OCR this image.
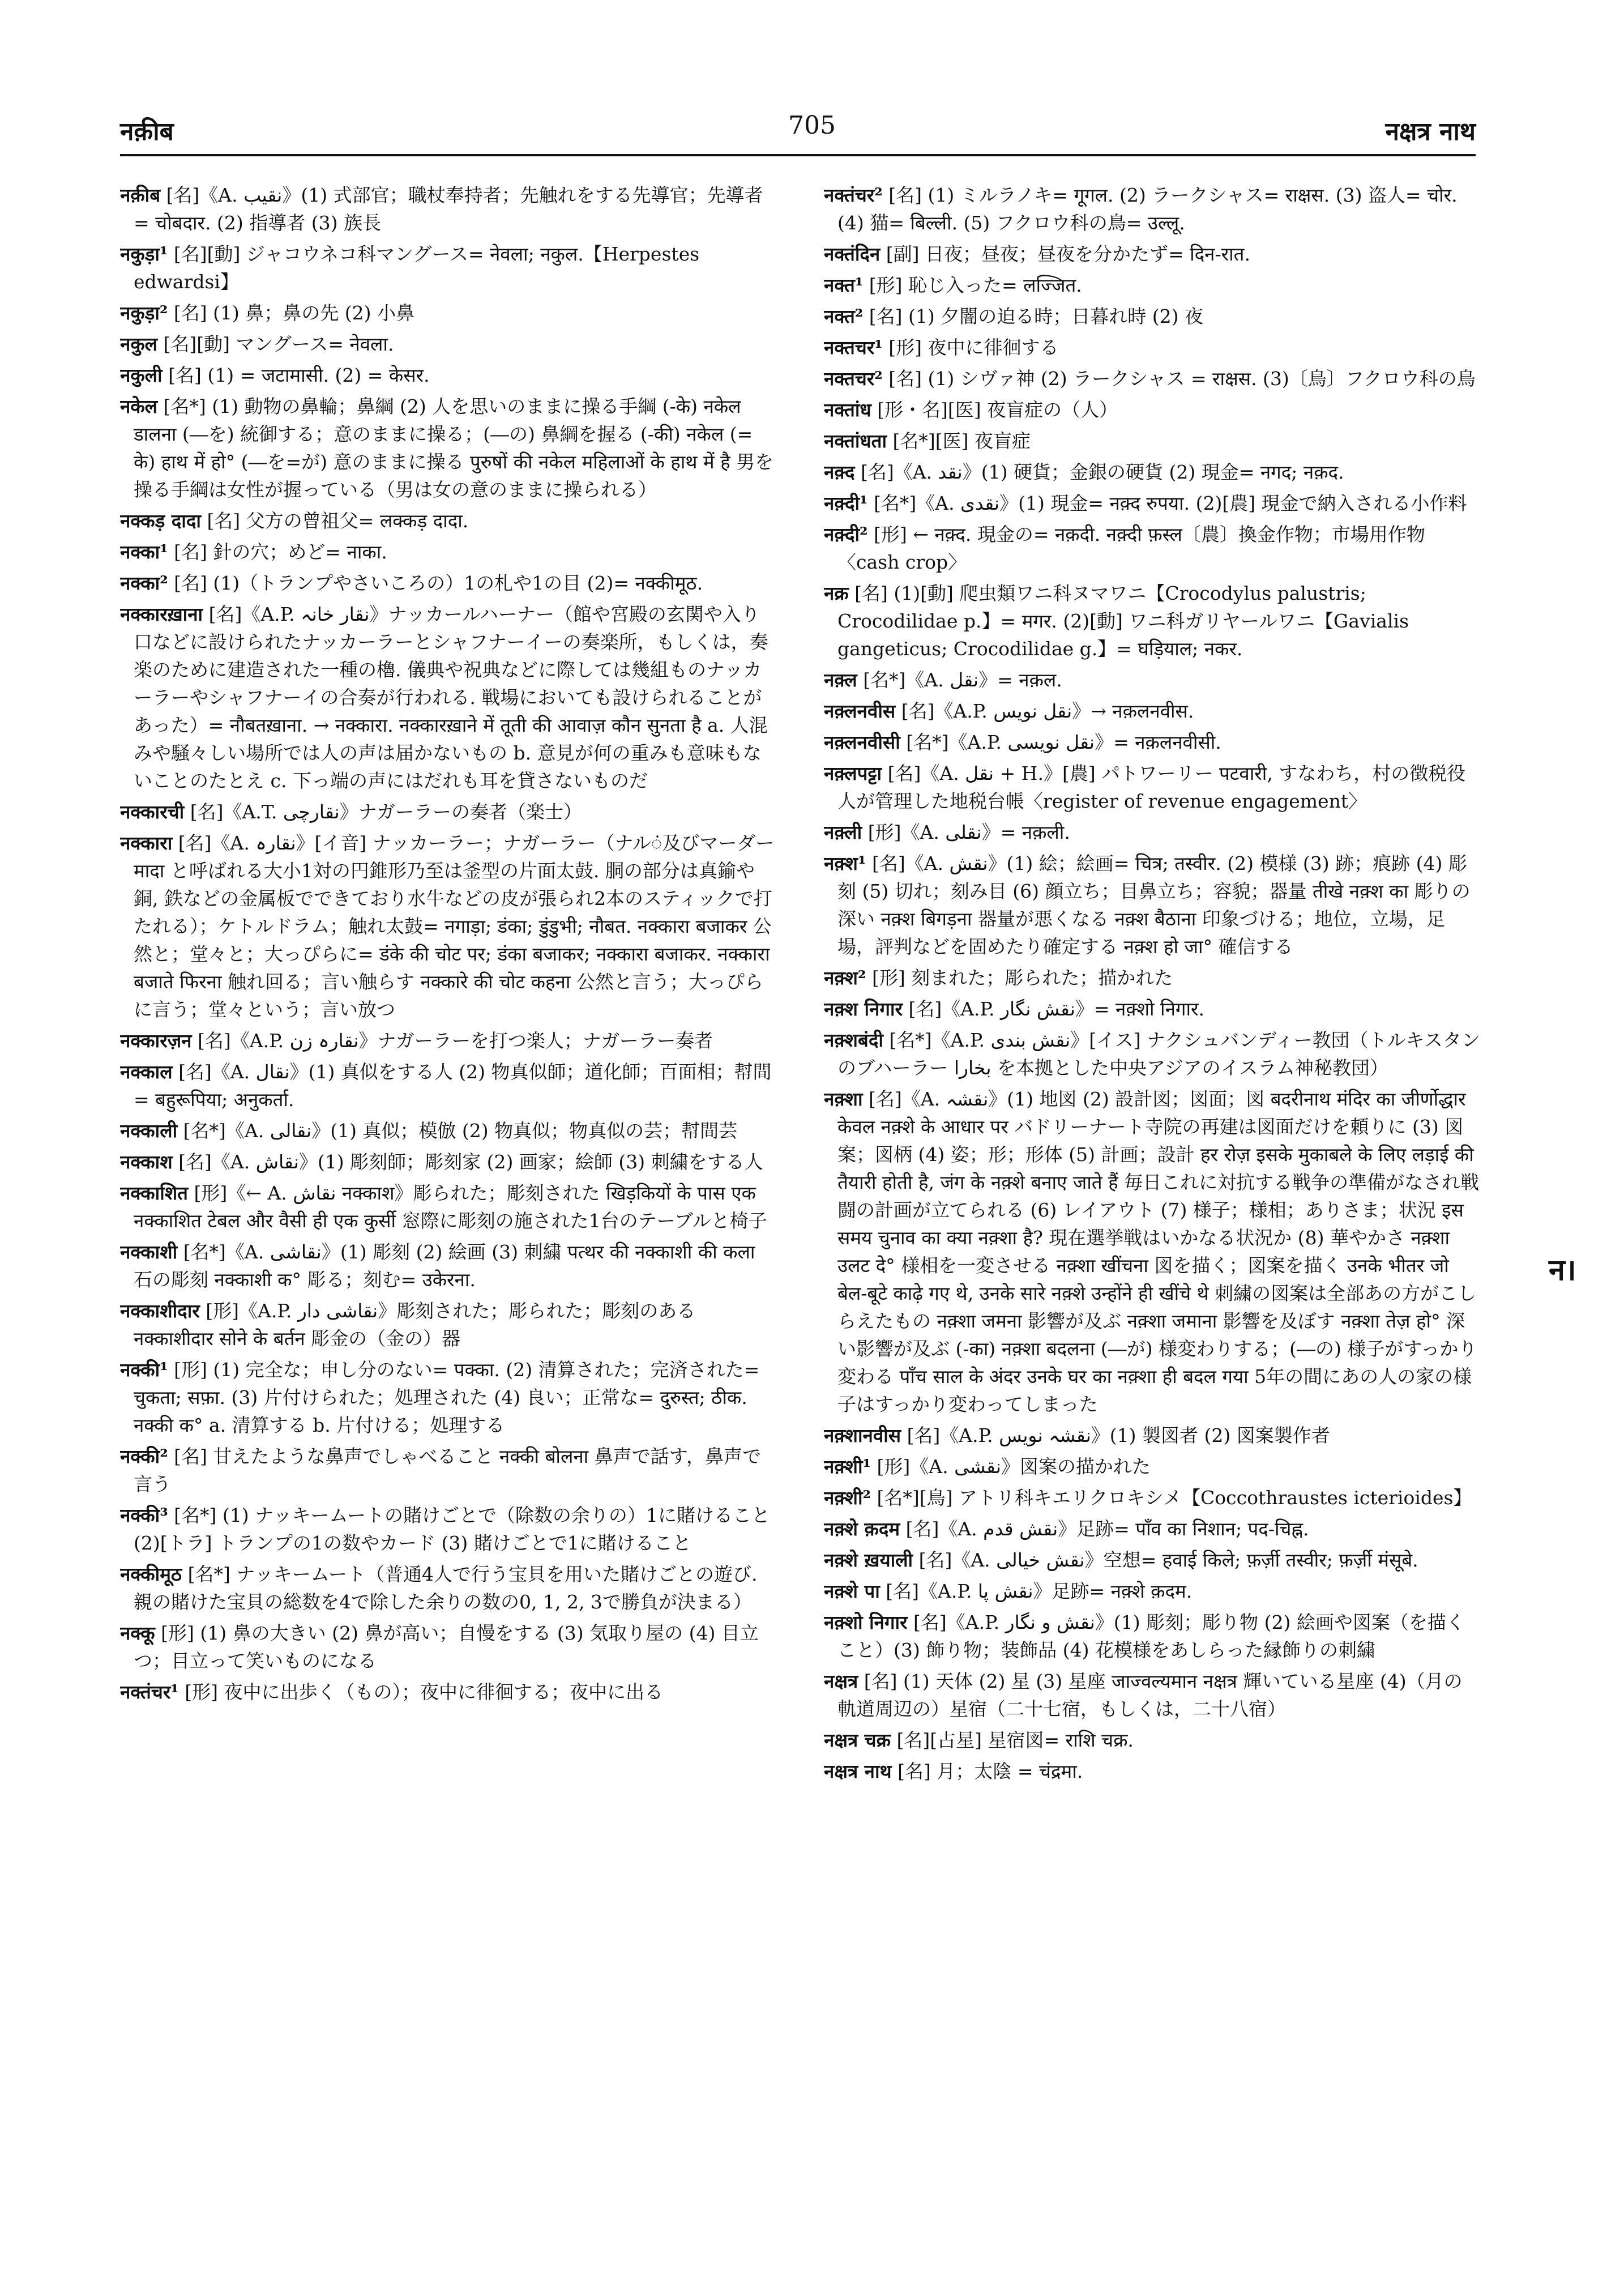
नक़ीब	705	नक्षत्र नाथ

नक़ीब [名]《A. نقیب》(1) 式部官；職杖奉持者；先触れをする先導官；先導者= चोबदार. (2) 指導者 (3) 族長

नकुड़ा¹ [名][動] ジャコウネコ科マングース= नेवला; नकुल.【Herpestes edwardsi】

नकुड़ा² [名] (1) 鼻；鼻の先 (2) 小鼻

नकुल [名][動] マングース= नेवला.

नकुली [名] (1) = जटामासी. (2) = केसर.

नकेल [名*] (1) 動物の鼻輪；鼻綱 (2) 人を思いのままに操る手綱 (-के) नकेल डालना (―を) 統御する；意のままに操る；(―の) 鼻綱を握る (-की) नकेल (= के) हाथ में हो° (―を=が) 意のままに操る पुरुषों की नकेल महिलाओं के हाथ में है 男を操る手綱は女性が握っている（男は女の意のままに操られる）

नक्कड़ दादा [名] 父方の曾祖父= लक्कड़ दादा.

नक्का¹ [名] 針の穴；めど= नाका.

नक्का² [名] (1)（トランプやさいころの）1の札や1の目 (2)= नक्कीमूठ.

नक्कारख़ाना [名]《A.P. نقار خانہ》ナッカールハーナー（館や宮殿の玄関や入り口などに設けられたナッカーラーとシャフナーイーの奏楽所，もしくは，奏楽のために建造された一種の櫓. 儀典や祝典などに際しては幾組ものナッカーラーやシャフナーイの合奏が行われる. 戦場においても設けられることがあった）= नौबतख़ाना. → नक्कारा. नक्कारख़ाने में तूती की आवाज़ कौन सुनता है a. 人混みや騒々しい場所では人の声は届かないもの b. 意見が何の重みも意味もないことのたとえ c. 下っ端の声にはだれも耳を貸さないものだ

नक्कारची [名]《A.T. نقارچی》ナガーラーの奏者（楽士）

नक्कारा [名]《A. نقارہ》[イ音] ナッカーラー；ナガーラー（ナルं及びマーダー मादा と呼ばれる大小1対の円錐形乃至は釜型の片面太鼓. 胴の部分は真鍮や銅, 鉄などの金属板でできており水牛などの皮が張られ2本のスティックで打たれる）；ケトルドラム；触れ太鼓= नगाड़ा; डंका; डुंडुभी; नौबत. नक्कारा बजाकर 公然と；堂々と；大っぴらに= डंके की चोट पर; डंका बजाकर; नक्कारा बजाकर. नक्कारा बजाते फिरना 触れ回る；言い触らす नक्कारे की चोट कहना 公然と言う；大っぴらに言う；堂々という；言い放つ

नक्कारज़न [名]《A.P. نقارہ زن》ナガーラーを打つ楽人；ナガーラー奏者

नक्काल [名]《A. نقال》(1) 真似をする人 (2) 物真似師；道化師；百面相；幇間= बहुरूपिया; अनुकर्ता.

नक्काली [名*]《A. نقالی》(1) 真似；模倣 (2) 物真似；物真似の芸；幇間芸

नक्काश [名]《A. نقاش》(1) 彫刻師；彫刻家 (2) 画家；絵師 (3) 刺繍をする人

नक्काशित [形]《← A. نقاش नक्काश》彫られた；彫刻された खिड़कियों के पास एक नक्काशित टेबल और वैसी ही एक कुर्सी 窓際に彫刻の施された1台のテーブルと椅子

नक्काशी [名*]《A. نقاشی》(1) 彫刻 (2) 絵画 (3) 刺繍 पत्थर की नक्काशी की कला 石の彫刻 नक्काशी क° 彫る；刻む= उकेरना.

नक्काशीदार [形]《A.P. نقاشی دار》彫刻された；彫られた；彫刻のある नक्काशीदार सोने के बर्तन 彫金の（金の）器

नक्की¹ [形] (1) 完全な；申し分のない= पक्का. (2) 清算された；完済された= चुकता; सफ़ा. (3) 片付けられた；処理された (4) 良い；正常な= दुरुस्त; ठीक. नक्की क° a. 清算する b. 片付ける；処理する

नक्की² [名] 甘えたような鼻声でしゃべること नक्की बोलना 鼻声で話す，鼻声で言う

नक्की³ [名*] (1) ナッキームートの賭けごとで（除数の余りの）1に賭けること (2)[トラ] トランプの1の数やカード (3) 賭けごとで1に賭けること

नक्कीमूठ [名*] ナッキームート（普通4人で行う宝貝を用いた賭けごとの遊び. 親の賭けた宝貝の総数を4で除した余りの数の0, 1, 2, 3で勝負が決まる）

नक्कू [形] (1) 鼻の大きい (2) 鼻が高い；自慢をする (3) 気取り屋の (4) 目立つ；目立って笑いものになる

नक्तंचर¹ [形] 夜中に出歩く（もの）；夜中に徘徊する；夜中に出る

नक्तंचर² [名] (1) ミルラノキ= गूगल. (2) ラークシャス= राक्षस. (3) 盗人= चोर. (4) 猫= बिल्ली. (5) フクロウ科の鳥= उल्लू.

नक्तंदिन [副] 日夜；昼夜；昼夜を分かたず= दिन-रात.

नक्त¹ [形] 恥じ入った= लज्जित.

नक्त² [名] (1) 夕闇の迫る時；日暮れ時 (2) 夜

नक्तचर¹ [形] 夜中に徘徊する

नक्तचर² [名] (1) シヴァ神 (2) ラークシャス = राक्षस. (3)〔鳥〕フクロウ科の鳥

नक्तांध [形・名][医] 夜盲症の（人）

नक्तांधता [名*][医] 夜盲症

नक़्द [名]《A. نقد》(1) 硬貨；金銀の硬貨 (2) 現金= नगद; नक़द.

नक़्दी¹ [名*]《A. نقدی》(1) 現金= नक़्द रुपया. (2)[農] 現金で納入される小作料

नक़्दी² [形] ← नक़्द. 現金の= नक़दी. नक़्दी फ़स्ल〔農〕換金作物；市場用作物〈cash crop〉

नक्र [名] (1)[動] 爬虫類ワニ科ヌマワニ【Crocodylus palustris; Crocodilidae p.】= मगर. (2)[動] ワニ科ガリヤールワニ【Gavialis gangeticus; Crocodilidae g.】= घड़ियाल; नकर.

नक़्ल [名*]《A. نقل》= नक़ल.

नक़्लनवीस [名]《A.P. نقل نویس》→ नक़लनवीस.

नक़्लनवीसी [名*]《A.P. نقل نویسی》= नक़लनवीसी.

नक़्लपट्टा [名]《A. نقل + H.》[農] パトワーリー पटवारी, すなわち，村の徴税役人が管理した地税台帳〈register of revenue engagement〉

नक़्ली [形]《A. نقلی》= नक़ली.

नक़्श¹ [名]《A. نقش》(1) 絵；絵画= चित्र; तस्वीर. (2) 模様 (3) 跡；痕跡 (4) 彫刻 (5) 切れ；刻み目 (6) 顔立ち；目鼻立ち；容貌；器量 तीखे नक़्श का 彫りの深い नक़्श बिगड़ना 器量が悪くなる नक़्श बैठाना 印象づける；地位，立場，足場，評判などを固めたり確定する नक़्श हो जा° 確信する

नक़्श² [形] 刻まれた；彫られた；描かれた

नक़्श निगार [名]《A.P. نقش نگار》= नक़्शो निगार.

नक़्शबंदी [名*]《A.P. نقش بندی》[イス] ナクシュバンディー教団（トルキスタンのブハーラー بخارا を本拠とした中央アジアのイスラム神秘教団）

नक़्शा [名]《A. نقشہ》(1) 地図 (2) 設計図；図面；図 बदरीनाथ मंदिर का जीर्णोद्धार केवल नक़्शे के आधार पर バドリーナート寺院の再建は図面だけを頼りに (3) 図案；図柄 (4) 姿；形；形体 (5) 計画；設計 हर रोज़ इसके मुकाबले के लिए लड़ाई की तैयारी होती है, जंग के नक़्शे बनाए जाते हैं 毎日これに対抗する戦争の準備がなされ戦闘の計画が立てられる (6) レイアウト (7) 様子；様相；ありさま；状況 इस समय चुनाव का क्या नक़्शा है? 現在選挙戦はいかなる状況か (8) 華やかさ नक़्शा उलट दे° 様相を一変させる नक़्शा खींचना 図を描く；図案を描く उनके भीतर जो बेल-बूटे काढ़े गए थे, उनके सारे नक़्शे उन्होंने ही खींचे थे 刺繍の図案は全部あの方がこしらえたもの नक़्शा जमना 影響が及ぶ नक़्शा जमाना 影響を及ぼす नक़्शा तेज़ हो° 深い影響が及ぶ (-का) नक़्शा बदलना (―が) 様変わりする；(―の) 様子がすっかり変わる पाँच साल के अंदर उनके घर का नक़्शा ही बदल गया 5年の間にあの人の家の様子はすっかり変わってしまった

नक़्शानवीस [名]《A.P. نقشہ نویس》(1) 製図者 (2) 図案製作者

नक़्शी¹ [形]《A. نقشی》図案の描かれた

नक़्शी² [名*][鳥] アトリ科キエリクロキシメ【Coccothraustes icterioides】

नक़्शे क़दम [名]《A. نقش قدم》足跡= पाँव का निशान; पद-चिह्न.

नक़्शे ख़याली [名]《A. نقش خیالی》空想= हवाई किले; फ़र्ज़ी तस्वीर; फ़र्ज़ी मंसूबे.

नक़्शे पा [名]《A.P. نقش پا》足跡= नक़्शे क़दम.

नक़्शो निगार [名]《A.P. نقش و نگار》(1) 彫刻；彫り物 (2) 絵画や図案（を描くこと）(3) 飾り物；装飾品 (4) 花模様をあしらった縁飾りの刺繍

नक्षत्र [名] (1) 天体 (2) 星 (3) 星座 जाज्वल्यमान नक्षत्र 輝いている星座 (4)（月の軌道周辺の）星宿（二十七宿，もしくは，二十八宿）

नक्षत्र चक्र [名][占星] 星宿図= राशि चक्र.

नक्षत्र नाथ [名] 月；太陰 = चंद्रमा.

न।
